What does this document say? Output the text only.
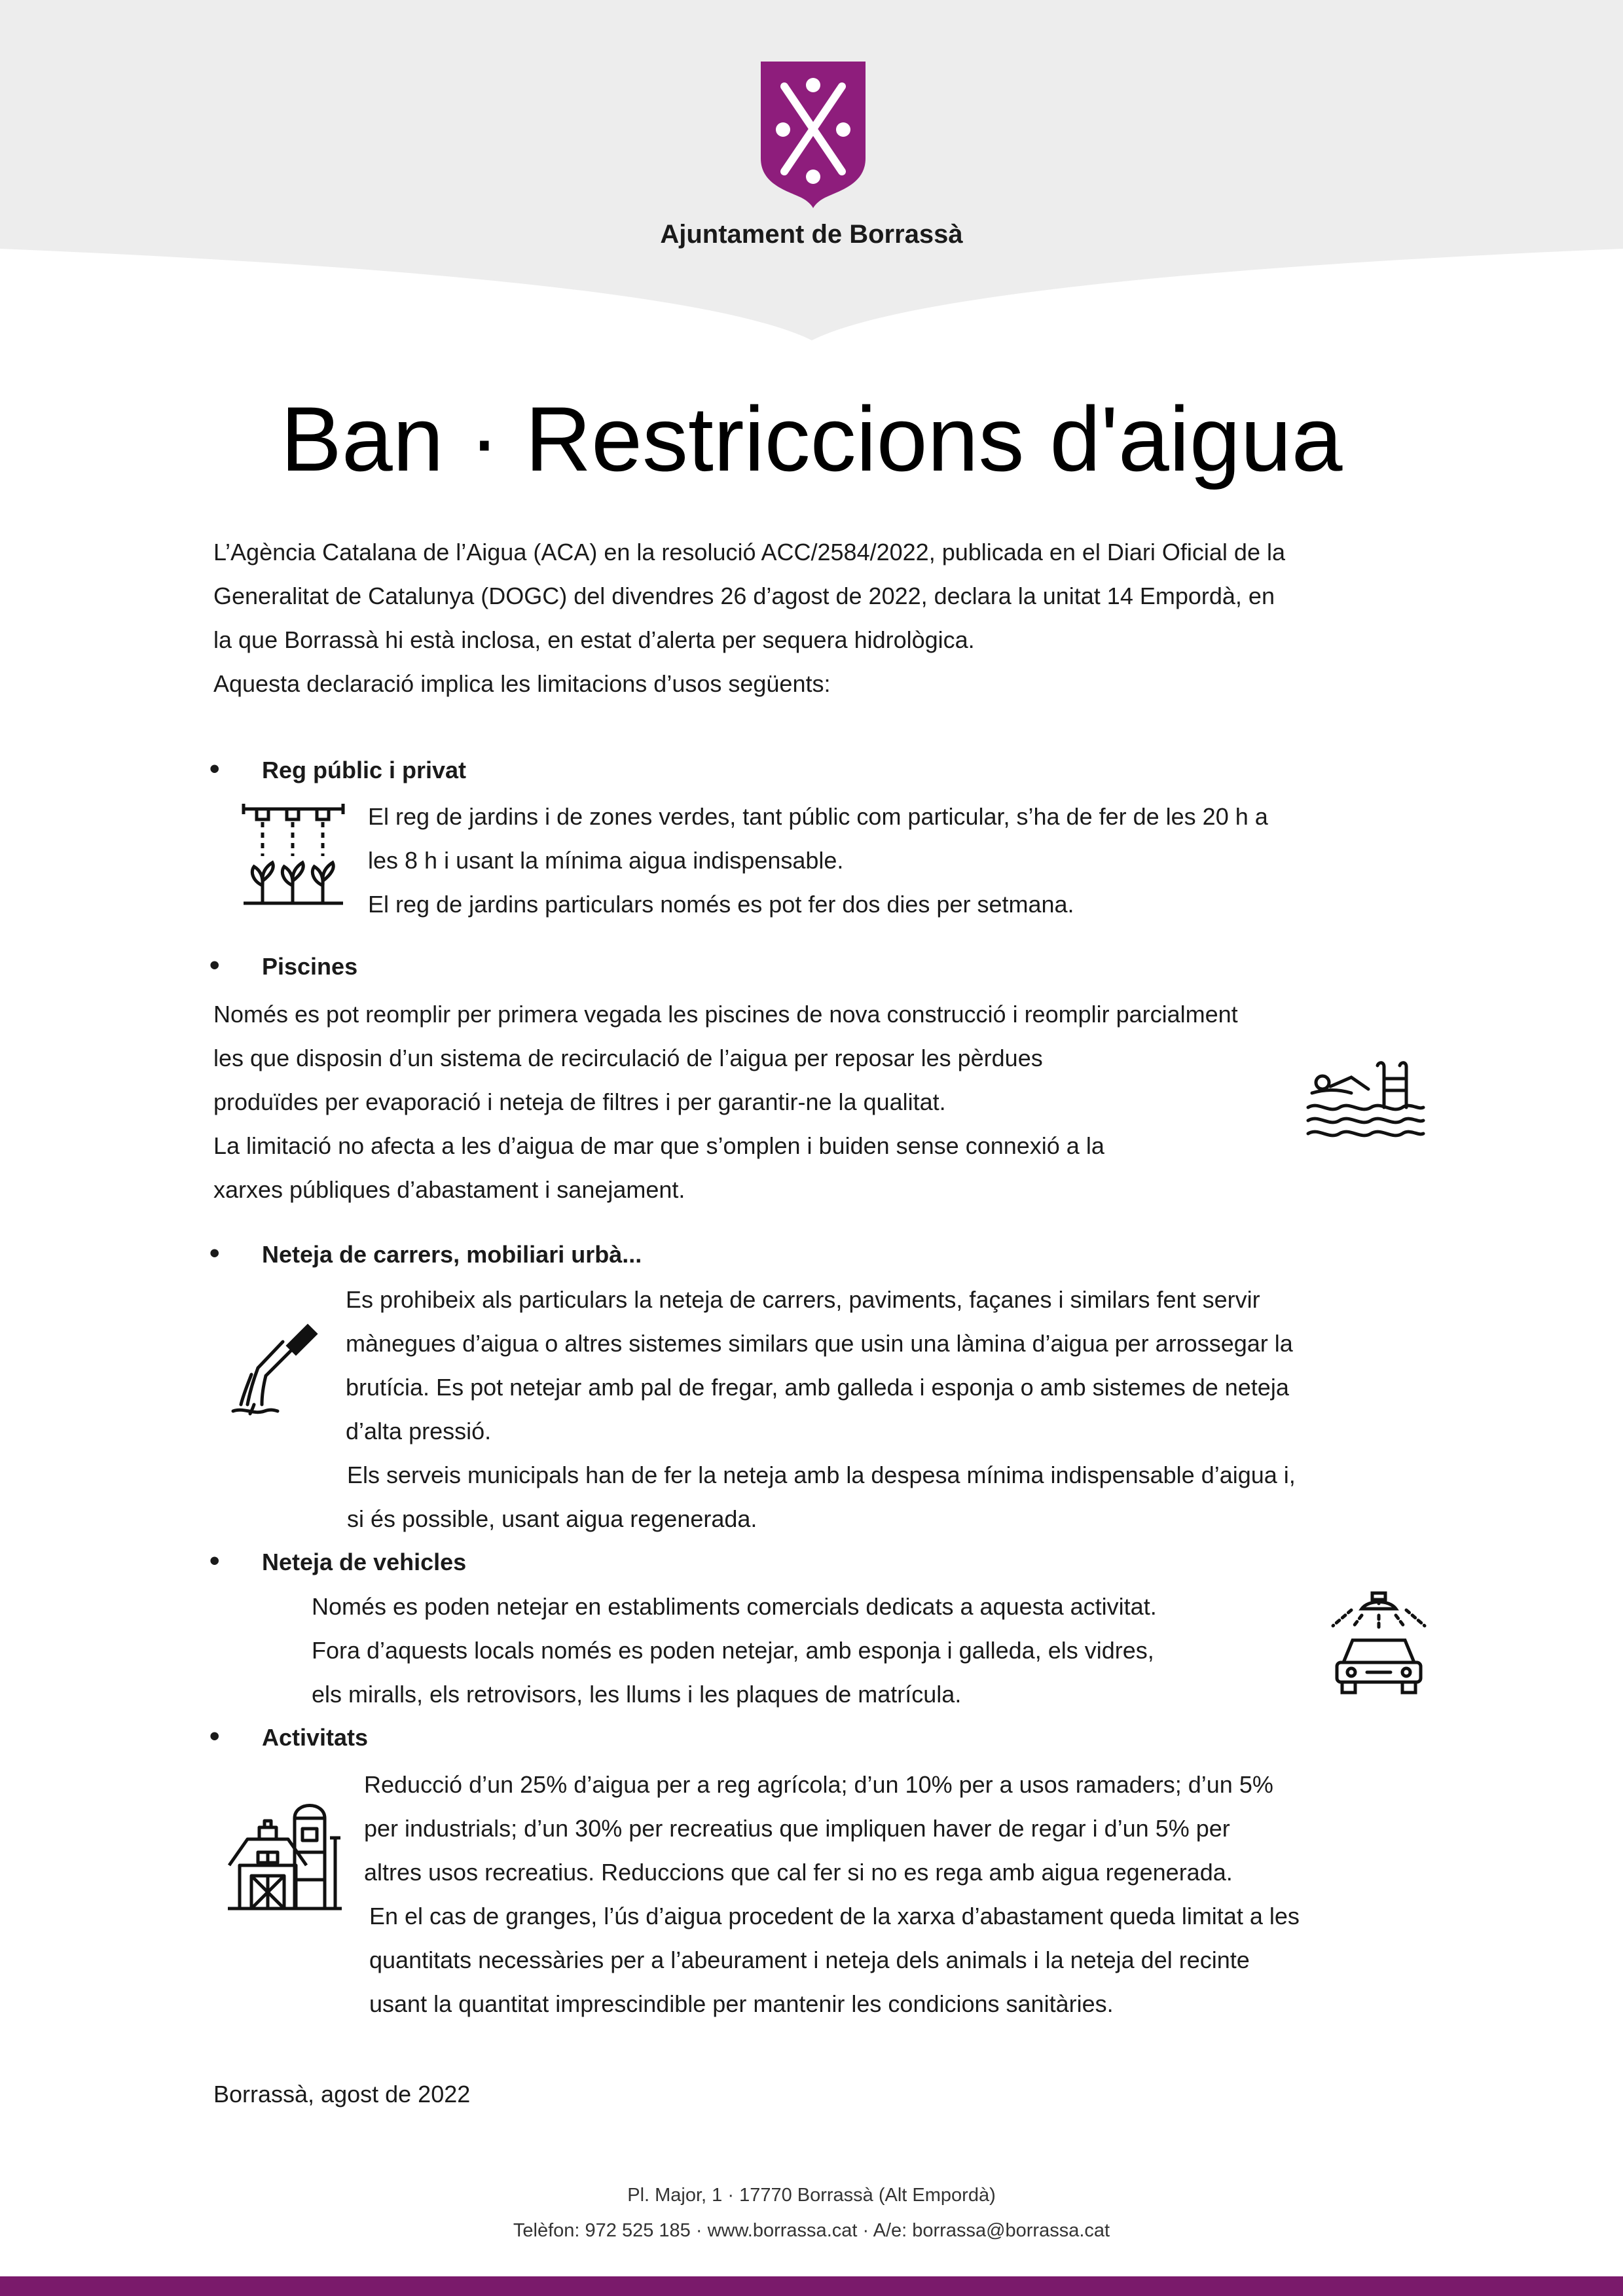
Ajuntament de Borrassà
Ban · Restriccions d'aigua
L’Agència Catalana de l’Aigua (ACA) en la resolució ACC/2584/2022, publicada en el Diari Oficial de la
Generalitat de Catalunya (DOGC) del divendres 26 d’agost de 2022, declara la unitat 14 Empordà, en
la que Borrassà hi està inclosa, en estat d’alerta per sequera hidrològica.
Aquesta declaració implica les limitacions d’usos següents:
• Reg públic i privat
El reg de jardins i de zones verdes, tant públic com particular, s’ha de fer de les 20 h a
les 8 h i usant la mínima aigua indispensable.
El reg de jardins particulars només es pot fer dos dies per setmana.
• Piscines
Només es pot reomplir per primera vegada les piscines de nova construcció i reomplir parcialment
les que disposin d’un sistema de recirculació de l’aigua per reposar les pèrdues
produïdes per evaporació i neteja de filtres i per garantir-ne la qualitat.
La limitació no afecta a les d’aigua de mar que s’omplen i buiden sense connexió a la
xarxes públiques d’abastament i sanejament.
• Neteja de carrers, mobiliari urbà...
Es prohibeix als particulars la neteja de carrers, paviments, façanes i similars fent servir
mànegues d’aigua o altres sistemes similars que usin una làmina d’aigua per arrossegar la
brutícia. Es pot netejar amb pal de fregar, amb galleda i esponja o amb sistemes de neteja
d’alta pressió.
Els serveis municipals han de fer la neteja amb la despesa mínima indispensable d’aigua i,
si és possible, usant aigua regenerada.
• Neteja de vehicles
Només es poden netejar en establiments comercials dedicats a aquesta activitat.
Fora d’aquests locals només es poden netejar, amb esponja i galleda, els vidres,
els miralls, els retrovisors, les llums i les plaques de matrícula.
• Activitats
Reducció d’un 25% d’aigua per a reg agrícola; d’un 10% per a usos ramaders; d’un 5%
per industrials; d’un 30% per recreatius que impliquen haver de regar i d’un 5% per
altres usos recreatius. Reduccions que cal fer si no es rega amb aigua regenerada.
En el cas de granges, l’ús d’aigua procedent de la xarxa d’abastament queda limitat a les
quantitats necessàries per a l’abeurament i neteja dels animals i la neteja del recinte
usant la quantitat imprescindible per mantenir les condicions sanitàries.
Borrassà, agost de 2022
Pl. Major, 1 · 17770 Borrassà (Alt Empordà)
Telèfon: 972 525 185 · www.borrassa.cat · A/e: borrassa@borrassa.cat
